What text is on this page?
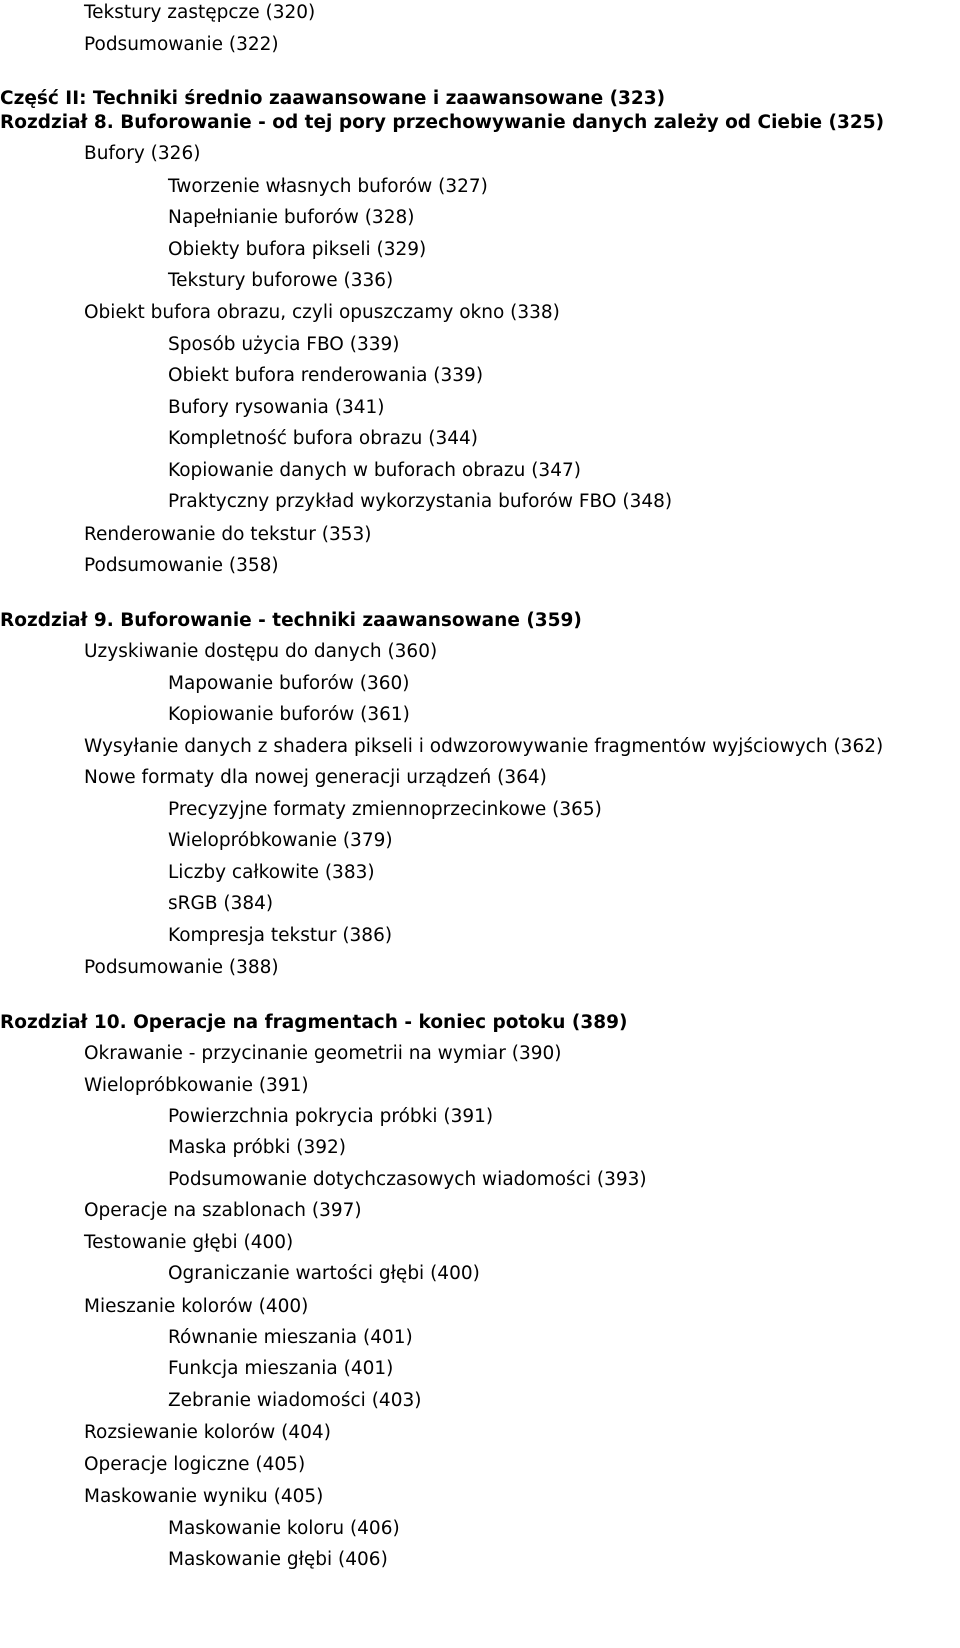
Tekstury zastępcze (320)
Podsumowanie (322)
Część II: Techniki średnio zaawansowane i zaawansowane (323)
Rozdział 8. Buforowanie - od tej pory przechowywanie danych zależy od Ciebie (325)
Bufory (326)
Tworzenie własnych buforów (327)
Napełnianie buforów (328)
Obiekty bufora pikseli (329)
Tekstury buforowe (336)
Obiekt bufora obrazu, czyli opuszczamy okno (338)
Sposób użycia FBO (339)
Obiekt bufora renderowania (339)
Bufory rysowania (341)
Kompletność bufora obrazu (344)
Kopiowanie danych w buforach obrazu (347)
Praktyczny przykład wykorzystania buforów FBO (348)
Renderowanie do tekstur (353)
Podsumowanie (358)
Rozdział 9. Buforowanie - techniki zaawansowane (359)
Uzyskiwanie dostępu do danych (360)
Mapowanie buforów (360)
Kopiowanie buforów (361)
Wysyłanie danych z shadera pikseli i odwzorowywanie fragmentów wyjściowych (362)
Nowe formaty dla nowej generacji urządzeń (364)
Precyzyjne formaty zmiennoprzecinkowe (365)
Wielopróbkowanie (379)
Liczby całkowite (383)
sRGB (384)
Kompresja tekstur (386)
Podsumowanie (388)
Rozdział 10. Operacje na fragmentach - koniec potoku (389)
Okrawanie - przycinanie geometrii na wymiar (390)
Wielopróbkowanie (391)
Powierzchnia pokrycia próbki (391)
Maska próbki (392)
Podsumowanie dotychczasowych wiadomości (393)
Operacje na szablonach (397)
Testowanie głębi (400)
Ograniczanie wartości głębi (400)
Mieszanie kolorów (400)
Równanie mieszania (401)
Funkcja mieszania (401)
Zebranie wiadomości (403)
Rozsiewanie kolorów (404)
Operacje logiczne (405)
Maskowanie wyniku (405)
Maskowanie koloru (406)
Maskowanie głębi (406)
